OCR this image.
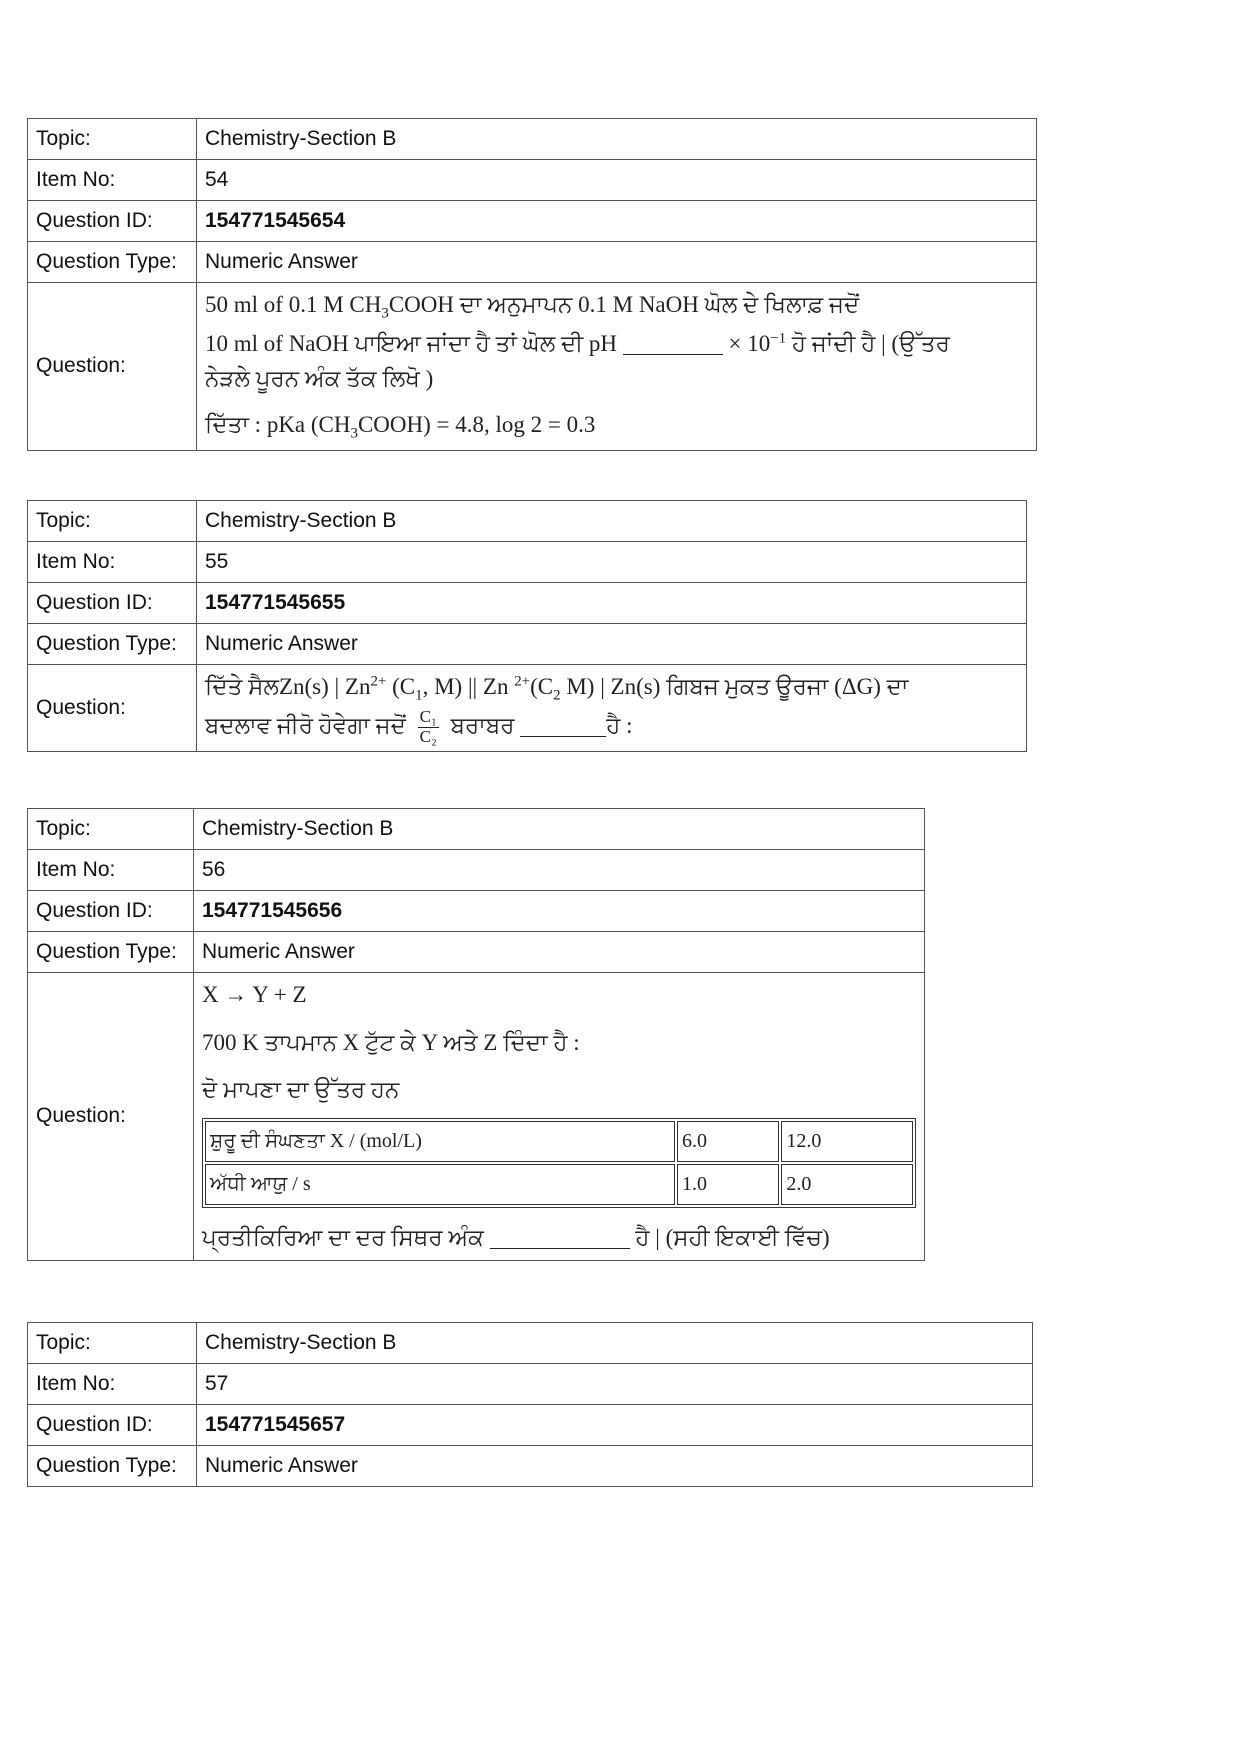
Topic:	Chemistry-Section B
Item No:	54
Question ID:	154771545654
Question Type:	Numeric Answer
Question:	50 ml of 0.1 M $CH_3COOH$ ਦਾ ਅਨੁਮਾਪਨ 0.1 M NaOH ਘੋਲ ਦੇ ਖਿਲਾਫ਼ ਜਦੋਂ

10 ml of NaOH ਪਾਇਆ ਜਾਂਦਾ ਹੈ ਤਾਂ ਘੋਲ ਦੀ pH × $10^{-1}$ ਹੋ ਜਾਂਦੀ ਹੈ | (ਉੱਤਰ

ਨੇੜਲੇ ਪੂਰਨ ਅੰਕ ਤੱਕ ਲਿਖੋ )

ਦਿੱਤਾ : pKa $(CH_3COOH) = 4.8$, log 2 = 0.3

Topic:	Chemistry-Section B
Item No:	55
Question ID:	154771545655
Question Type:	Numeric Answer
Question:	ਦਿੱਤੇ ਸੈਲZn(s) | $Zn^{2+}$ ($C_1$, M) || Zn $^{2+}(C_2$ M) | Zn(s) ਗਿਬਜ ਮੁਕਤ ਊਰਜਾ (ΔG) ਦਾ

ਬਦਲਾਵ ਜੀਰੋ ਹੋਵੇਗਾ ਜਦੋਂ $\frac{\text{C₁}}{\text{C₂}}$ ਬਰਾਬਰ ਹੈ :

Topic:	Chemistry-Section B
Item No:	56
Question ID:	154771545656
Question Type:	Numeric Answer
Question:	

X → Y + Z

700 K ਤਾਪਮਾਨ X ਟੁੱਟ ਕੇ Y ਅਤੇ Z ਦਿੰਦਾ ਹੈ :

ਦੋ ਮਾਪਣਾ ਦਾ ਉੱਤਰ ਹਨ

ਸ਼ੁਰੂ ਦੀ ਸੰਘਣਤਾ X / (mol/L)	6.0	12.0
ਅੱਧੀ ਆਯੁ / s	1.0	2.0

ਪ੍ਰਤੀਕਿਰਿਆ ਦਾ ਦਰ ਸਿਥਰ ਅੰਕ	ਹੈ | (ਸਹੀ ਇਕਾਈ ਵਿੱਚ)

Topic:	Chemistry-Section B
Item No:	57
Question ID:	154771545657
Question Type:	Numeric Answer
